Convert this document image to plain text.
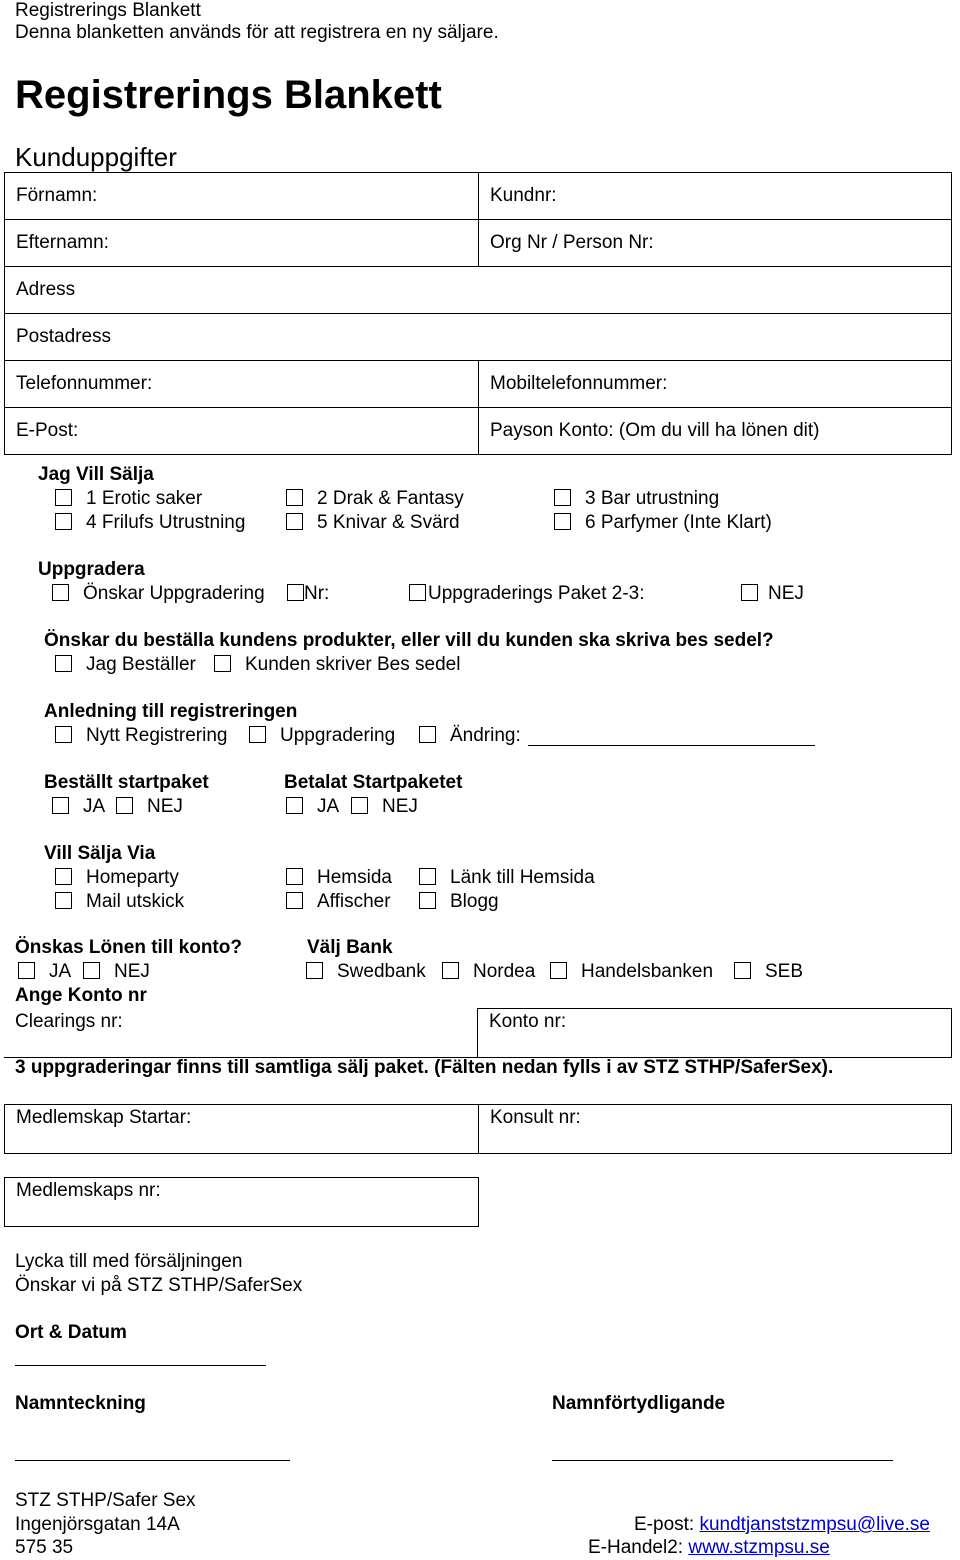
Registrerings Blankett
Denna blanketten används för att registrera en ny säljare.
Registrerings Blankett
Kunduppgifter
Förnamn:	Kundnr:
Efternamn:	Org Nr / Person Nr:
Adress	
Postadress	
Telefonnummer:	Mobiltelefonnummer:
E-Post:	Payson Konto: (Om du vill ha lönen dit)
Jag Vill Sälja
1 Erotic saker	2 Drak & Fantasy	3 Bar utrustning
4 Frilufs Utrustning	5 Knivar & Svärd	6 Parfymer (Inte Klart)
Uppgradera
Önskar Uppgradering	Nr:	Uppgraderings Paket 2-3:	NEJ
Önskar du beställa kundens produkter, eller vill du kunden ska skriva bes sedel?
Jag Beställer	Kunden skriver Bes sedel
Anledning till registreringen
Nytt Registrering	Uppgradering	Ändring:
Beställt startpaket	Betalat Startpaketet
JA	NEJ	JA	NEJ
Vill Sälja Via
Homeparty	Hemsida	Länk till Hemsida
Mail utskick	Affischer	Blogg
Önskas Lönen till konto?	Välj Bank
JA	NEJ	Swedbank	Nordea	Handelsbanken	SEB
Ange Konto nr
Clearings nr:	Konto nr:
3 uppgraderingar finns till samtliga sälj paket. (Fälten nedan fylls i av STZ STHP/SaferSex).
Medlemskap Startar:	Konsult nr:
Medlemskaps nr:
Lycka till med försäljningen
Önskar vi på STZ STHP/SaferSex
Ort & Datum
Namnteckning	Namnförtydligande
STZ STHP/Safer Sex
Ingenjörsgatan 14A
575 35
E-post: kundtjanststzmpsu@live.se
E-Handel2: www.stzmpsu.se
